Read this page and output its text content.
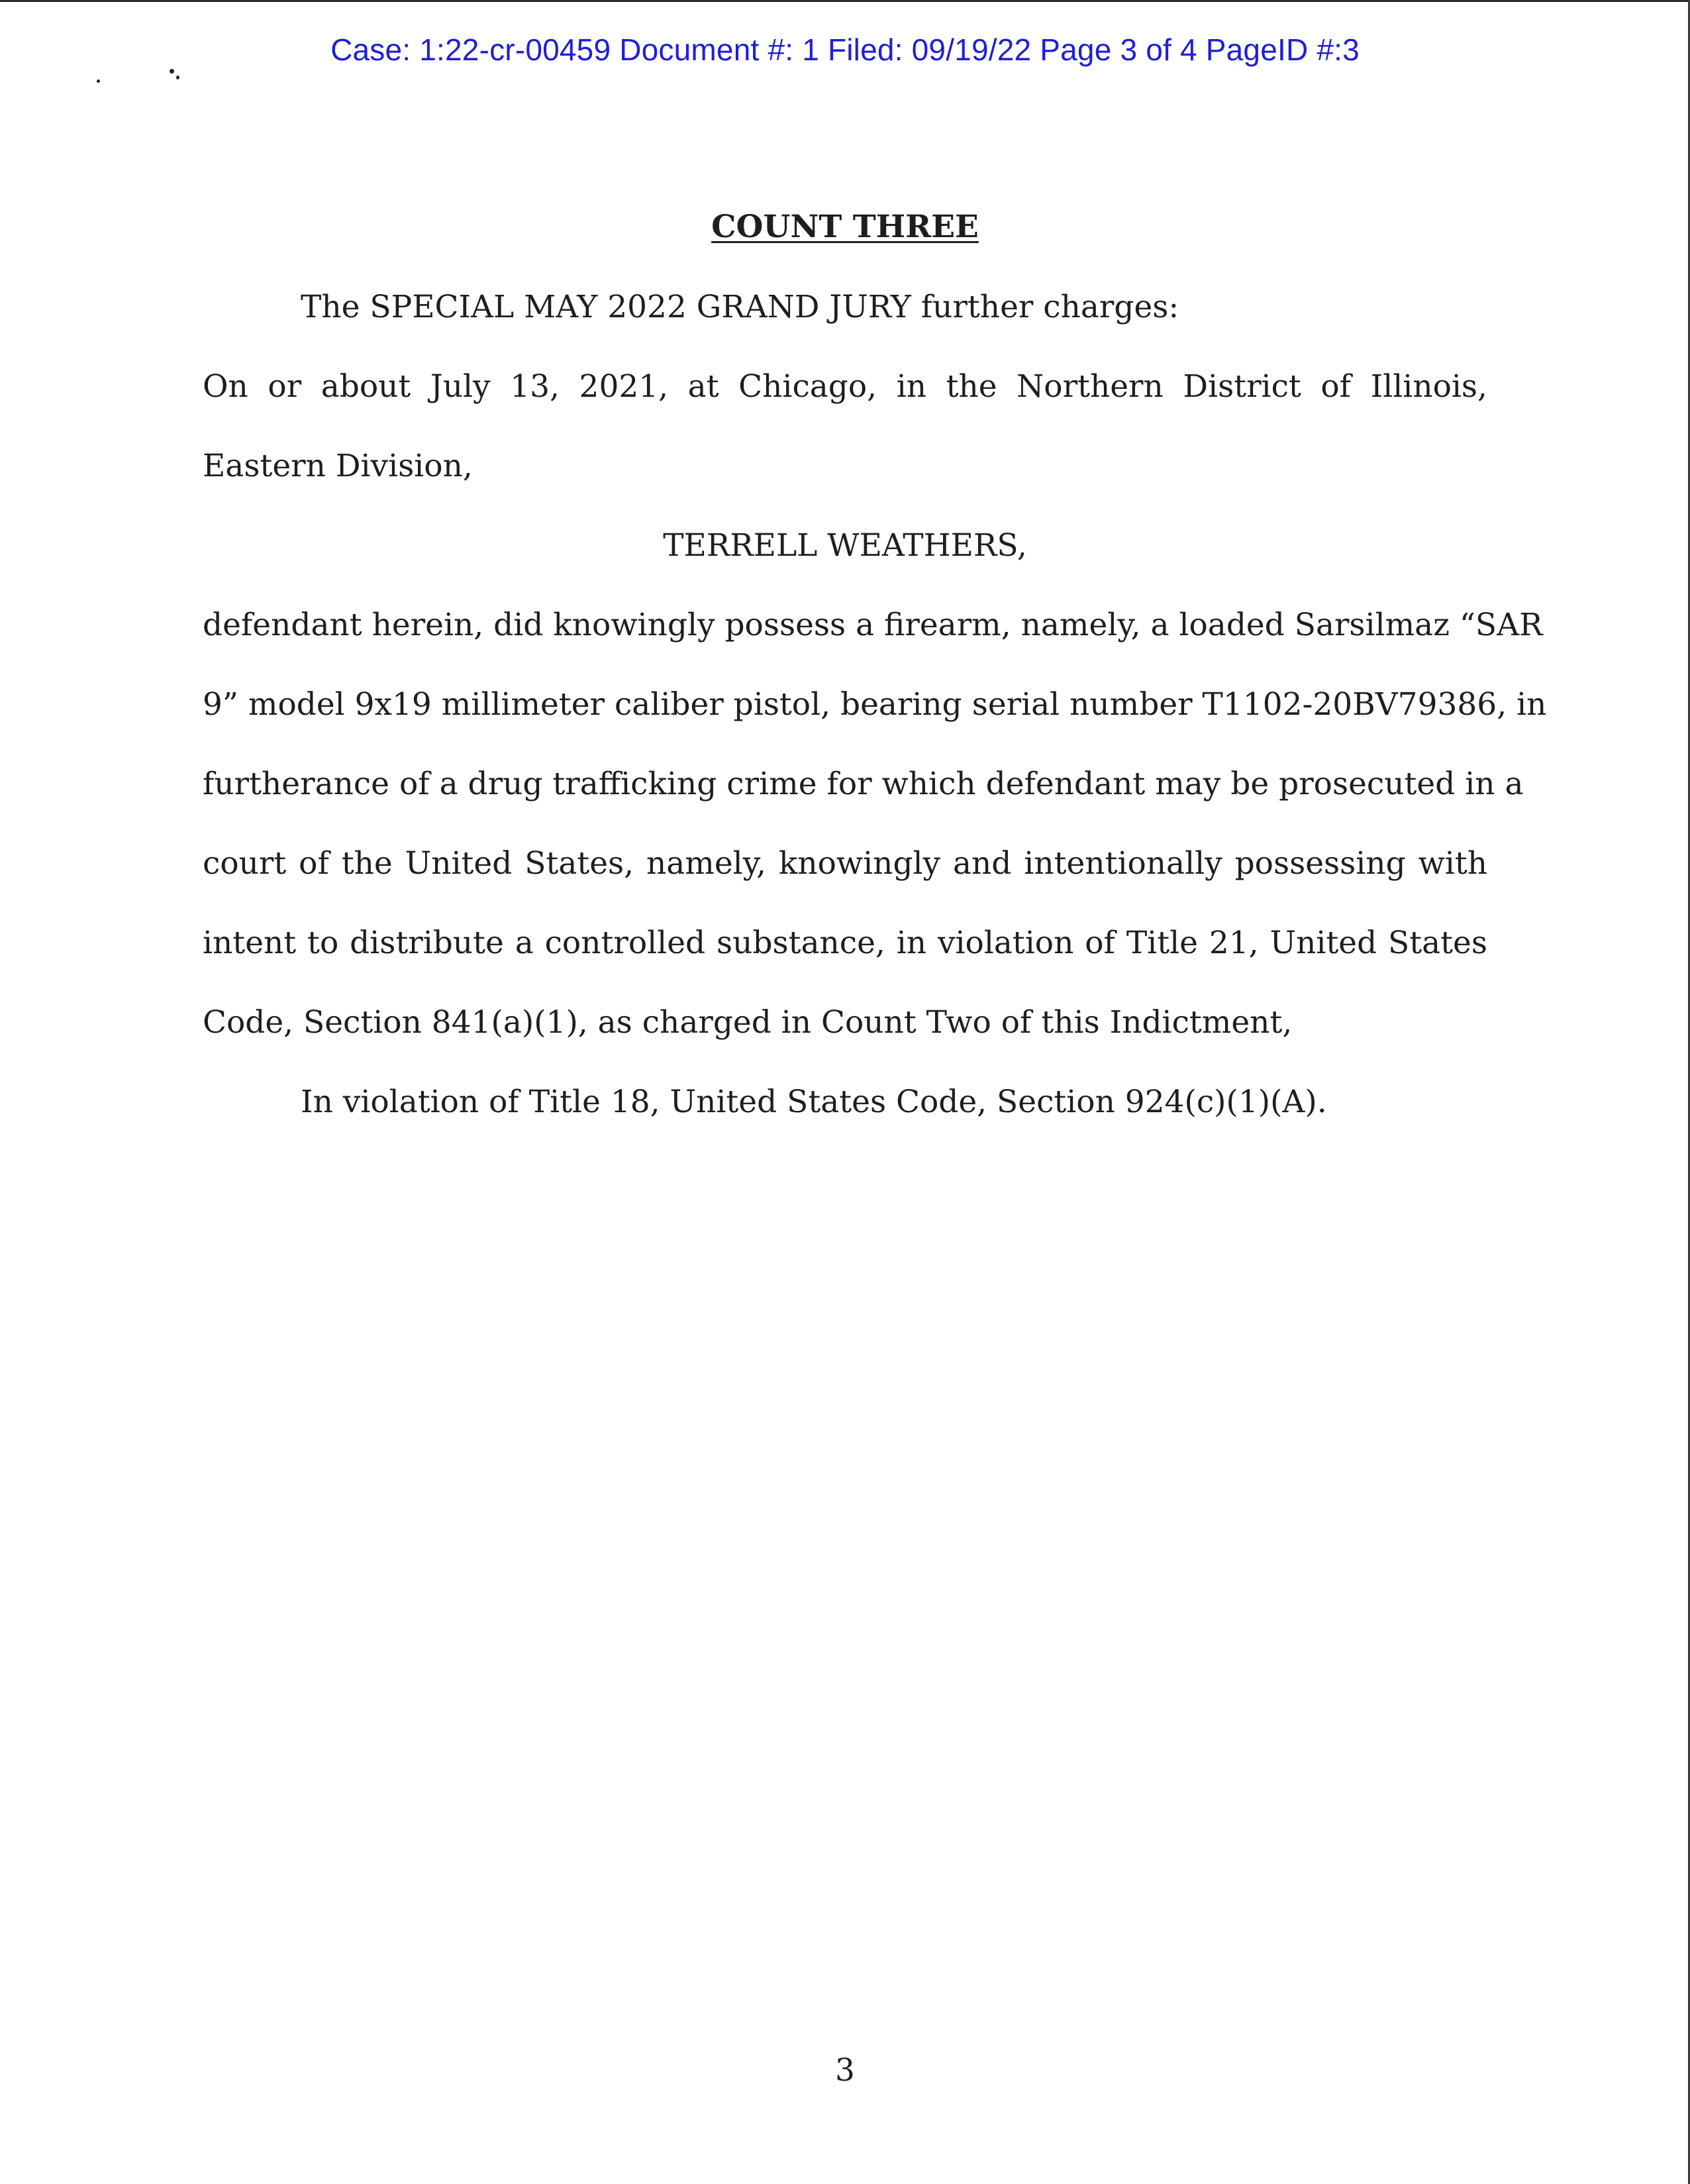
Case: 1:22-cr-00459 Document #: 1 Filed: 09/19/22 Page 3 of 4 PageID #:3
COUNT THREE
The SPECIAL MAY 2022 GRAND JURY further charges:
On or about July 13, 2021, at Chicago, in the Northern District of Illinois,
Eastern Division,
TERRELL WEATHERS,
defendant herein, did knowingly possess a firearm, namely, a loaded Sarsilmaz “SAR
9” model 9x19 millimeter caliber pistol, bearing serial number T1102-20BV79386, in
furtherance of a drug trafficking crime for which defendant may be prosecuted in a
court of the United States, namely, knowingly and intentionally possessing with
intent to distribute a controlled substance, in violation of Title 21, United States
Code, Section 841(a)(1), as charged in Count Two of this Indictment,
In violation of Title 18, United States Code, Section 924(c)(1)(A).
3
